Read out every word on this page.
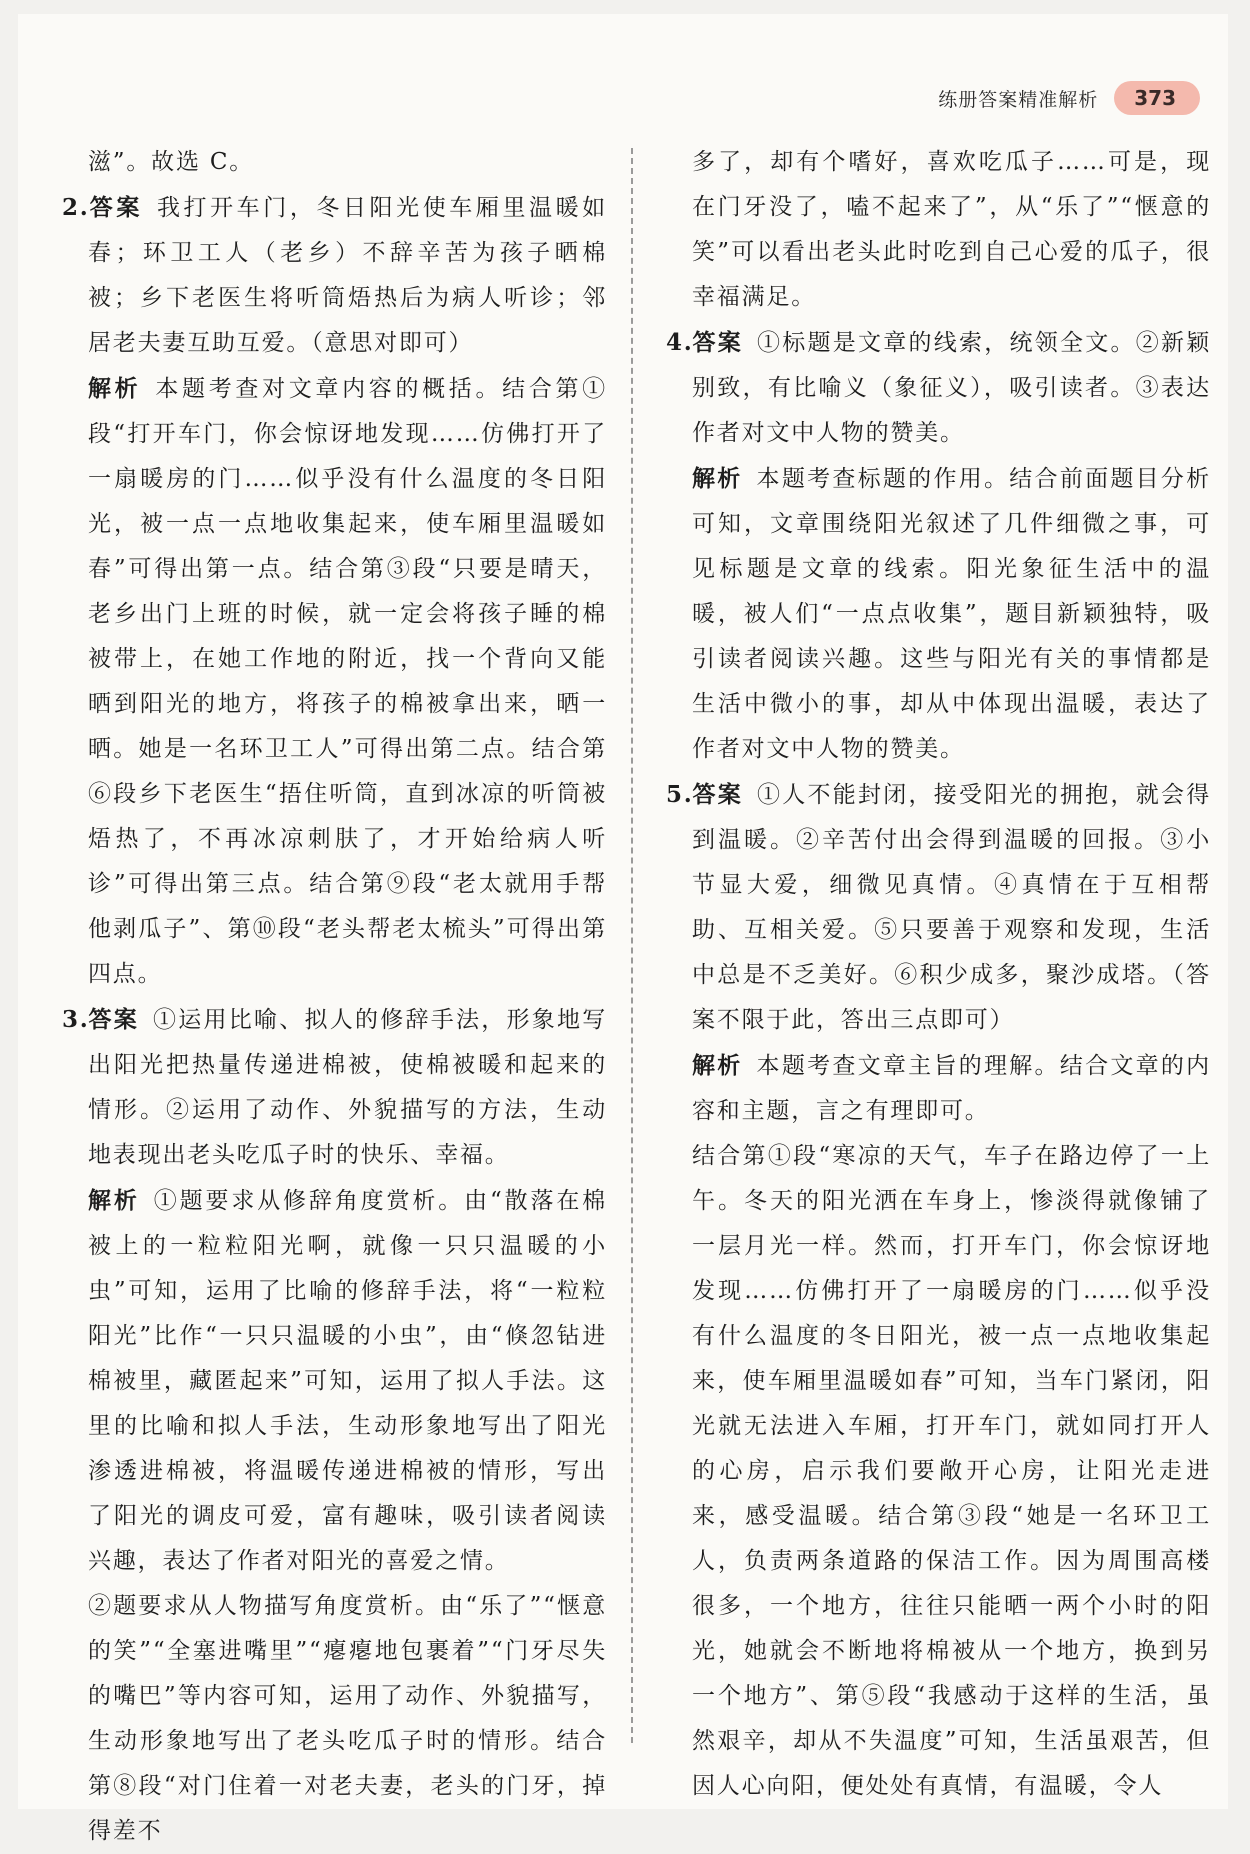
练册答案精准解析	373

滋”。故选 C。

2.答案 我打开车门，冬日阳光使车厢里温暖如春；环卫工人（老乡）不辞辛苦为孩子晒棉被；乡下老医生将听筒焐热后为病人听诊；邻居老夫妻互助互爱。（意思对即可）

解析 本题考查对文章内容的概括。结合第①段“打开车门，你会惊讶地发现……仿佛打开了一扇暖房的门……似乎没有什么温度的冬日阳光，被一点一点地收集起来，使车厢里温暖如春”可得出第一点。结合第③段“只要是晴天，老乡出门上班的时候，就一定会将孩子睡的棉被带上，在她工作地的附近，找一个背向又能晒到阳光的地方，将孩子的棉被拿出来，晒一晒。她是一名环卫工人”可得出第二点。结合第⑥段乡下老医生“捂住听筒，直到冰凉的听筒被焐热了，不再冰凉刺肤了，才开始给病人听诊”可得出第三点。结合第⑨段“老太就用手帮他剥瓜子”、第⑩段“老头帮老太梳头”可得出第四点。

3.答案 ①运用比喻、拟人的修辞手法，形象地写出阳光把热量传递进棉被，使棉被暖和起来的情形。②运用了动作、外貌描写的方法，生动地表现出老头吃瓜子时的快乐、幸福。

解析 ①题要求从修辞角度赏析。由“散落在棉被上的一粒粒阳光啊，就像一只只温暖的小虫”可知，运用了比喻的修辞手法，将“一粒粒阳光”比作“一只只温暖的小虫”，由“倏忽钻进棉被里，藏匿起来”可知，运用了拟人手法。这里的比喻和拟人手法，生动形象地写出了阳光渗透进棉被，将温暖传递进棉被的情形，写出了阳光的调皮可爱，富有趣味，吸引读者阅读兴趣，表达了作者对阳光的喜爱之情。

②题要求从人物描写角度赏析。由“乐了”“惬意的笑”“全塞进嘴里”“瘪瘪地包裹着”“门牙尽失的嘴巴”等内容可知，运用了动作、外貌描写，生动形象地写出了老头吃瓜子时的情形。结合第⑧段“对门住着一对老夫妻，老头的门牙，掉得差不

多了，却有个嗜好，喜欢吃瓜子……可是，现在门牙没了，嗑不起来了”，从“乐了”“惬意的笑”可以看出老头此时吃到自己心爱的瓜子，很幸福满足。

4.答案 ①标题是文章的线索，统领全文。②新颖别致，有比喻义（象征义），吸引读者。③表达作者对文中人物的赞美。

解析 本题考查标题的作用。结合前面题目分析可知，文章围绕阳光叙述了几件细微之事，可见标题是文章的线索。阳光象征生活中的温暖，被人们“一点点收集”，题目新颖独特，吸引读者阅读兴趣。这些与阳光有关的事情都是生活中微小的事，却从中体现出温暖，表达了作者对文中人物的赞美。

5.答案 ①人不能封闭，接受阳光的拥抱，就会得到温暖。②辛苦付出会得到温暖的回报。③小节显大爱，细微见真情。④真情在于互相帮助、互相关爱。⑤只要善于观察和发现，生活中总是不乏美好。⑥积少成多，聚沙成塔。（答案不限于此，答出三点即可）

解析 本题考查文章主旨的理解。结合文章的内容和主题，言之有理即可。

结合第①段“寒凉的天气，车子在路边停了一上午。冬天的阳光洒在车身上，惨淡得就像铺了一层月光一样。然而，打开车门，你会惊讶地发现……仿佛打开了一扇暖房的门……似乎没有什么温度的冬日阳光，被一点一点地收集起来，使车厢里温暖如春”可知，当车门紧闭，阳光就无法进入车厢，打开车门，就如同打开人的心房，启示我们要敞开心房，让阳光走进来，感受温暖。结合第③段“她是一名环卫工人，负责两条道路的保洁工作。因为周围高楼很多，一个地方，往往只能晒一两个小时的阳光，她就会不断地将棉被从一个地方，换到另一个地方”、第⑤段“我感动于这样的生活，虽然艰辛，却从不失温度”可知，生活虽艰苦，但因人心向阳，便处处有真情，有温暖，令人
